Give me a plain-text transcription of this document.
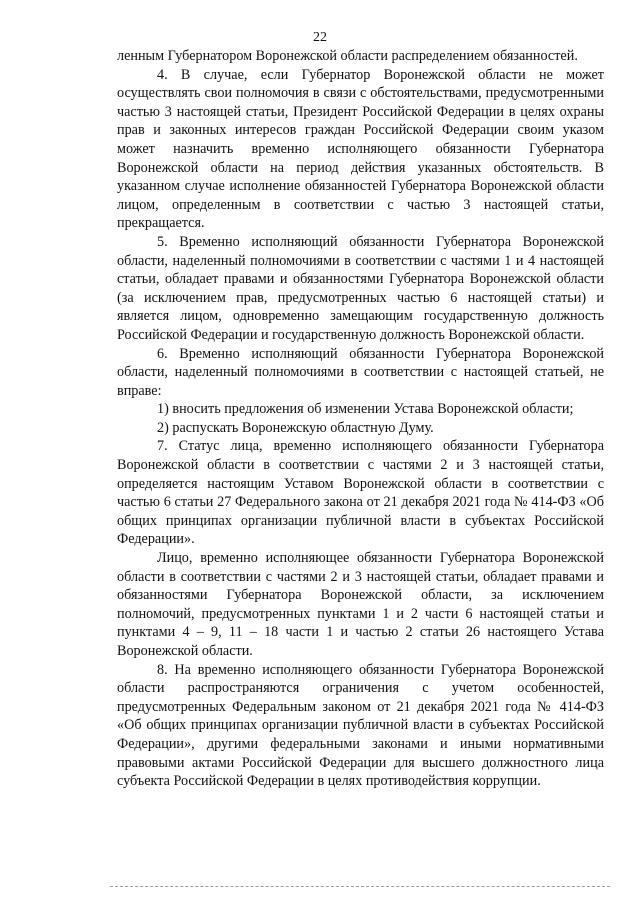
22

ленным Губернатором Воронежской области распределением обязанностей.

4. В случае, если Губернатор Воронежской области не может осуществлять свои полномочия в связи с обстоятельствами, предусмотренными частью 3 настоящей статьи, Президент Российской Федерации в целях охраны прав и законных интересов граждан Российской Федерации своим указом может назначить временно исполняющего обязанности Губернатора Воронежской области на период действия указанных обстоятельств. В указанном случае исполнение обязанностей Губернатора Воронежской области лицом, определенным в соответствии с частью 3 настоящей статьи, прекращается.

5. Временно исполняющий обязанности Губернатора Воронежской области, наделенный полномочиями в соответствии с частями 1 и 4 настоящей статьи, обладает правами и обязанностями Губернатора Воронежской области (за исключением прав, предусмотренных частью 6 настоящей статьи) и является лицом, одновременно замещающим государственную должность Российской Федерации и государственную должность Воронежской области.

6. Временно исполняющий обязанности Губернатора Воронежской области, наделенный полномочиями в соответствии с настоящей статьей, не вправе:

1) вносить предложения об изменении Устава Воронежской области;

2) распускать Воронежскую областную Думу.

7. Статус лица, временно исполняющего обязанности Губернатора Воронежской области в соответствии с частями 2 и 3 настоящей статьи, определяется настоящим Уставом Воронежской области в соответствии с частью 6 статьи 27 Федерального закона от 21 декабря 2021 года № 414-ФЗ «Об общих принципах организации публичной власти в субъектах Российской Федерации».

Лицо, временно исполняющее обязанности Губернатора Воронежской области в соответствии с частями 2 и 3 настоящей статьи, обладает правами и обязанностями Губернатора Воронежской области, за исключением полномочий, предусмотренных пунктами 1 и 2 части 6 настоящей статьи и пунктами 4 – 9, 11 – 18 части 1 и частью 2 статьи 26 настоящего Устава Воронежской области.

8. На временно исполняющего обязанности Губернатора Воронежской области распространяются ограничения с учетом особенностей, предусмотренных Федеральным законом от 21 декабря 2021 года № 414-ФЗ «Об общих принципах организации публичной власти в субъектах Российской Федерации», другими федеральными законами и иными нормативными правовыми актами Российской Федерации для высшего должностного лица субъекта Российской Федерации в целях противодействия коррупции.
